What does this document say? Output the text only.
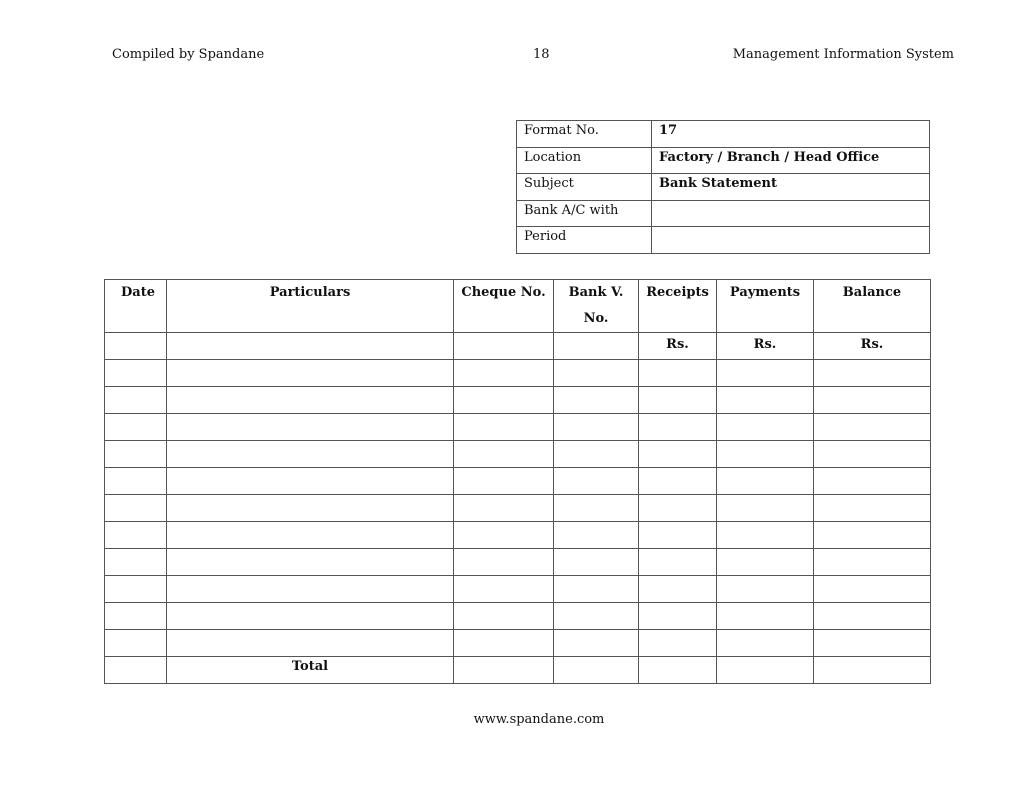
Compiled by Spandane	18	Management Information System
Format No.	17
Location	Factory / Branch / Head Office
Subject	Bank Statement
Bank A/C with	
Period	
Date	Particulars	Cheque No.	Bank V. No.	Receipts	Payments	Balance
				Rs.	Rs.	Rs.

	Total					
www.spandane.com
